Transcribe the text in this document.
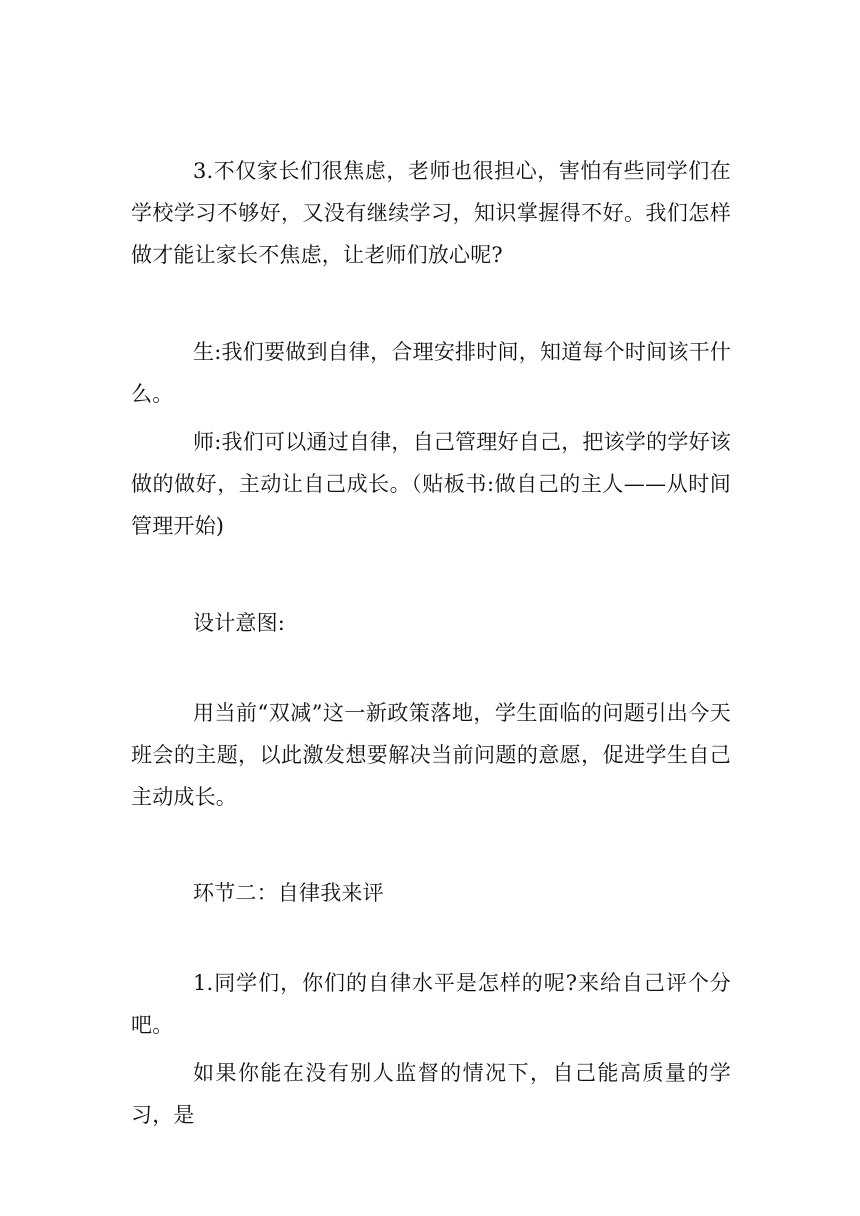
3.不仅家长们很焦虑，老师也很担心，害怕有些同学们在学校学习不够好，又没有继续学习，知识掌握得不好。我们怎样做才能让家长不焦虑，让老师们放心呢?

生:我们要做到自律，合理安排时间，知道每个时间该干什么。

师:我们可以通过自律，自己管理好自己，把该学的学好该做的做好，主动让自己成长。（贴板书:做自己的主人——从时间管理开始)

设计意图:

用当前“双减”这一新政策落地，学生面临的问题引出今天班会的主题，以此激发想要解决当前问题的意愿，促进学生自己主动成长。

环节二：自律我来评

1.同学们，你们的自律水平是怎样的呢?来给自己评个分吧。

如果你能在没有别人监督的情况下，自己能高质量的学习，是
